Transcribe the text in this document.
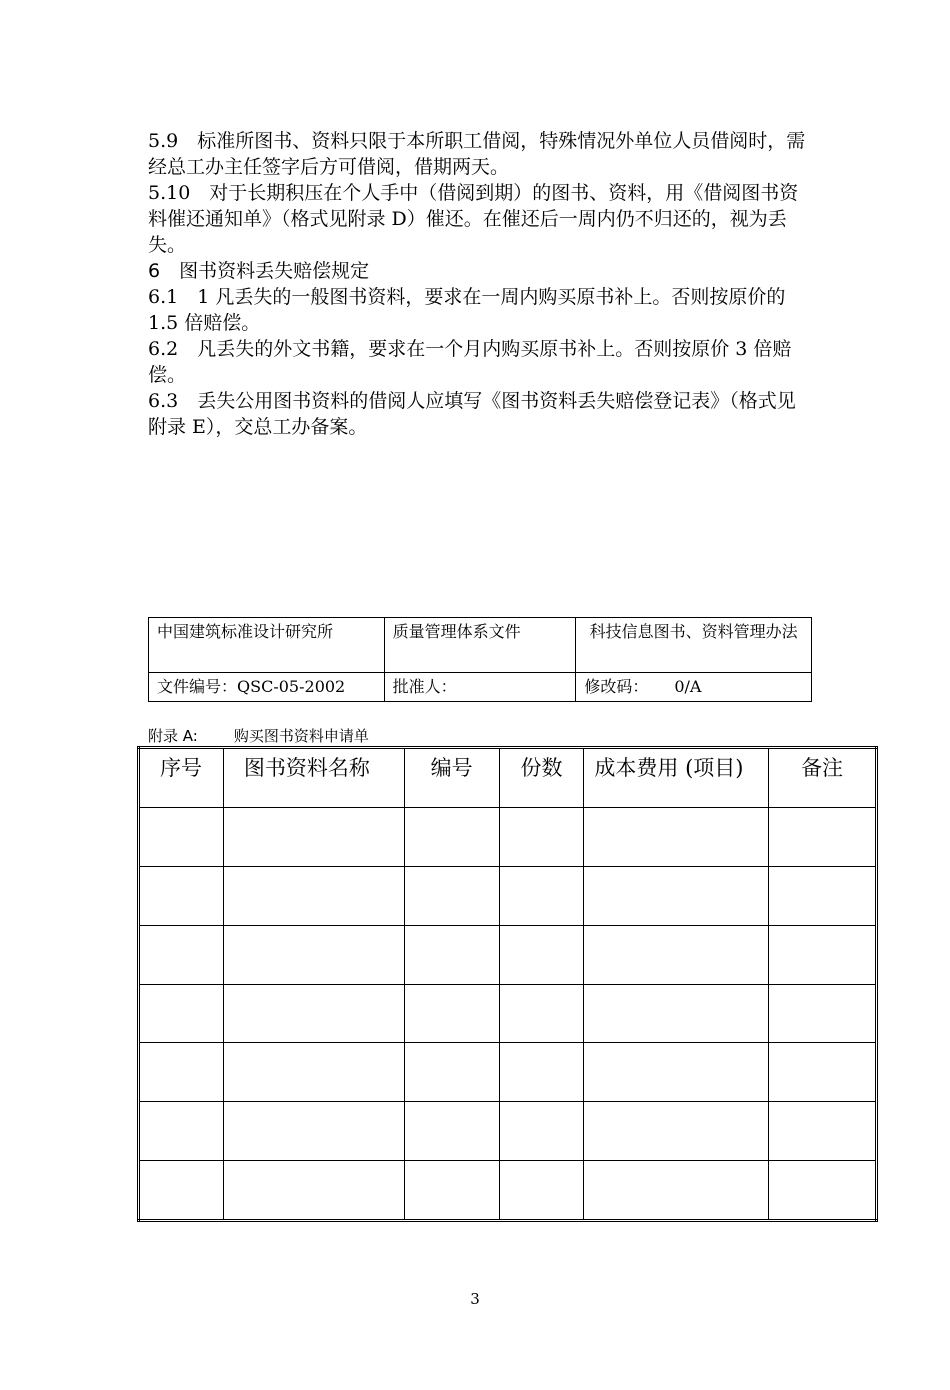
5.9　标准所图书、资料只限于本所职工借阅，特殊情况外单位人员借阅时，需经总工办主任签字后方可借阅，借期两天。

5.10　对于长期积压在个人手中（借阅到期）的图书、资料，用《借阅图书资料催还通知单》（格式见附录 D）催还。在催还后一周内仍不归还的，视为丢失。

6　图书资料丢失赔偿规定

6.1　1 凡丢失的一般图书资料，要求在一周内购买原书补上。否则按原价的 1.5 倍赔偿。

6.2　凡丢失的外文书籍，要求在一个月内购买原书补上。否则按原价 3 倍赔偿。

6.3　丢失公用图书资料的借阅人应填写《图书资料丢失赔偿登记表》（格式见附录 E），交总工办备案。

中国建筑标准设计研究所	质量管理体系文件	科技信息图书、资料管理办法
文件编号：QSC-05-2002	批准人：	修改码： 0/A
附录 A: 购买图书资料申请单
序号	图书资料名称	编号	份数	成本费用 (项目)	备注

3
